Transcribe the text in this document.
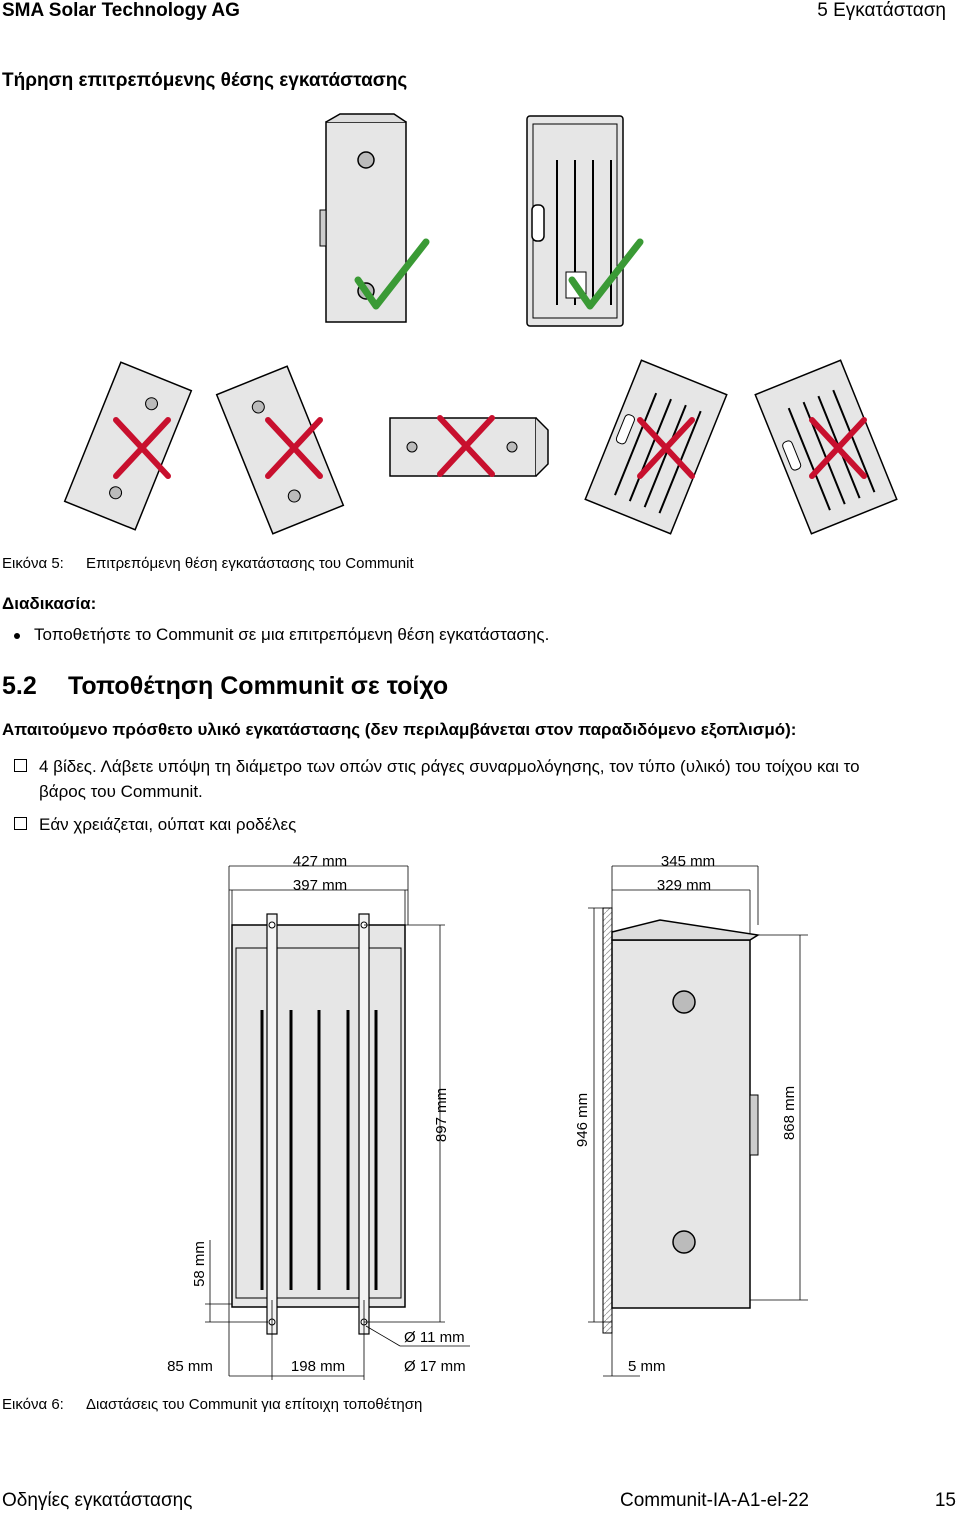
SMA Solar Technology AG	5 Εγκατάσταση
Τήρηση επιτρεπόμενης θέσης εγκατάστασης
427 mm
397 mm
345 mm
329 mm
897 mm	946 mm	868 mm
58 mm
Ø 11 mm
Ø 17 mm
85 mm	198 mm	5 mm
Εικόνα 5: Επιτρεπόμενη θέση εγκατάστασης του Communit
Διαδικασία:
Τοποθετήστε το Communit σε μια επιτρεπόμενη θέση εγκατάστασης.
5.2 Τοποθέτηση Communit σε τοίχο
Απαιτούμενο πρόσθετο υλικό εγκατάστασης (δεν περιλαμβάνεται στον παραδιδόμενο εξοπλισμό):
4 βίδες. Λάβετε υπόψη τη διάμετρο των οπών στις ράγες συναρμολόγησης, τον τύπο (υλικό) του τοίχου και το
βάρος του Communit.
Εάν χρειάζεται, ούπατ και ροδέλες
Εικόνα 6: Διαστάσεις του Communit για επίτοιχη τοποθέτηση
Οδηγίες εγκατάστασης	Communit-IA-A1-el-22	15
